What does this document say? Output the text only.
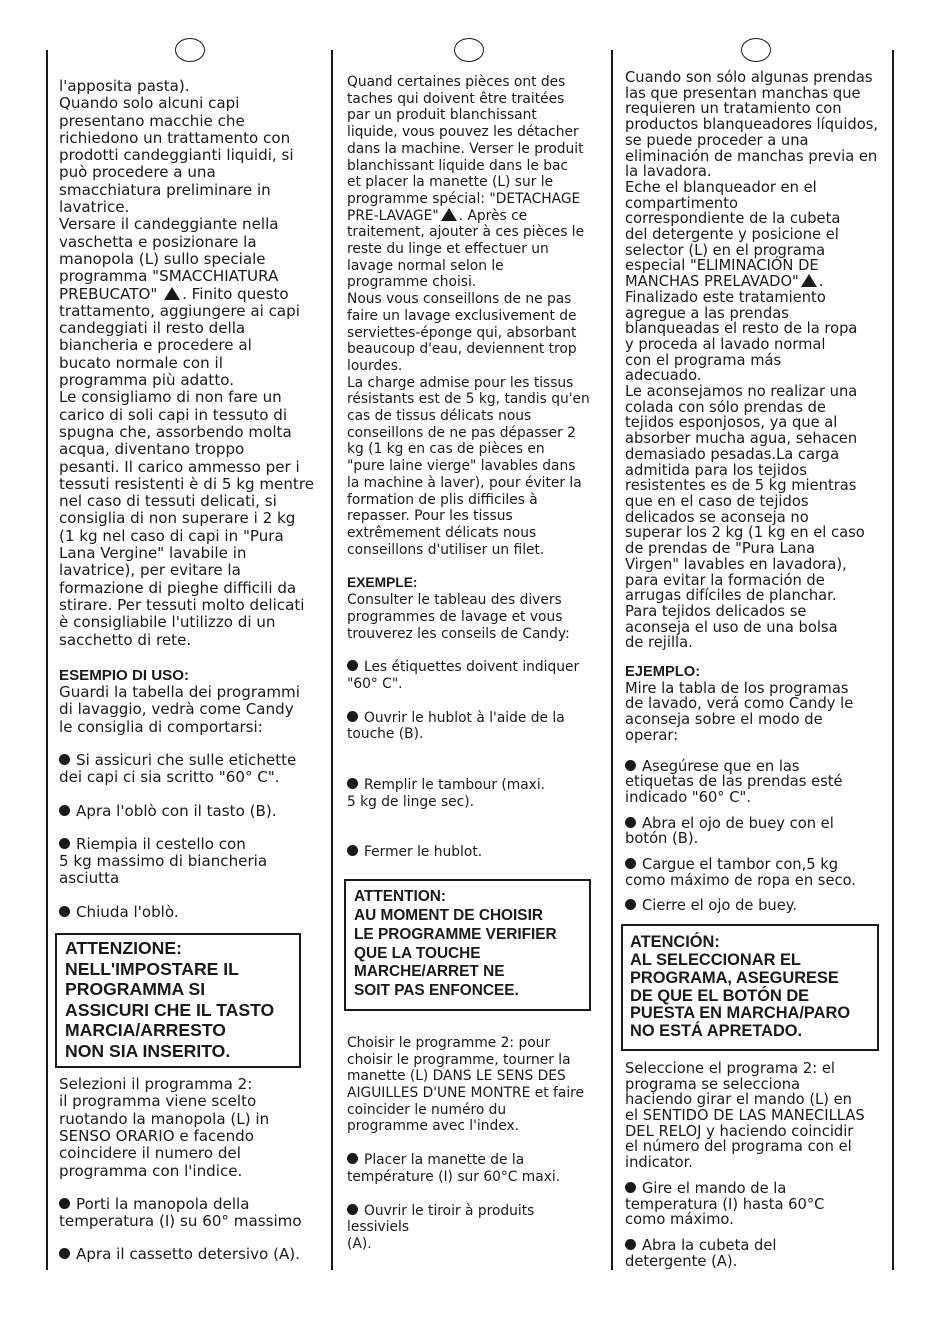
l'apposita pasta).
Quando solo alcuni capi
presentano macchie che
richiedono un trattamento con
prodotti candeggianti liquidi, si
può procedere a una
smacchiatura preliminare in
lavatrice.
Versare il candeggiante nella
vaschetta e posizionare la
manopola (L) sullo speciale
programma "SMACCHIATURA
PREBUCATO" . Finito questo
trattamento, aggiungere ai capi
candeggiati il resto della
biancheria e procedere al
bucato normale con il
programma più adatto.
Le consigliamo di non fare un
carico di soli capi in tessuto di
spugna che, assorbendo molta
acqua, diventano troppo
pesanti. Il carico ammesso per i
tessuti resistenti è di 5 kg mentre
nel caso di tessuti delicati, si
consiglia di non superare i 2 kg
(1 kg nel caso di capi in "Pura
Lana Vergine" lavabile in
lavatrice), per evitare la
formazione di pieghe difficili da
stirare. Per tessuti molto delicati
è consigliabile l'utilizzo di un
sacchetto di rete.

ESEMPIO DI USO:

Guardi la tabella dei programmi
di lavaggio, vedrà come Candy
le consiglia di comportarsi:

Si assicuri che sulle etichette
dei capi ci sia scritto "60° C".

Apra l'oblò con il tasto (B).

Riempia il cestello con
5 kg massimo di biancheria
asciutta

Chiuda l'oblò.

ATTENZIONE:
NELL'IMPOSTARE IL
PROGRAMMA SI
ASSICURI CHE IL TASTO
MARCIA/ARRESTO
NON SIA INSERITO.

Selezioni il programma 2:
il programma viene scelto
ruotando la manopola (L) in
SENSO ORARIO e facendo
coincidere il numero del
programma con l'indice.

Porti la manopola della
temperatura (I) su 60° massimo

Apra il cassetto detersivo (A).

Quand certaines pièces ont des
taches qui doivent être traitées
par un produit blanchissant
liquide, vous pouvez les détacher
dans la machine. Verser le produit
blanchissant liquide dans le bac
et placer la manette (L) sur le
programme spécial: "DETACHAGE
PRE-LAVAGE" . Après ce
traitement, ajouter à ces pièces le
reste du linge et effectuer un
lavage normal selon le
programme choisi.
Nous vous conseillons de ne pas
faire un lavage exclusivement de
serviettes-éponge qui, absorbant
beaucoup d'eau, deviennent trop
lourdes.
La charge admise pour les tissus
résistants est de 5 kg, tandis qu'en
cas de tissus délicats nous
conseillons de ne pas dépasser 2
kg (1 kg en cas de pièces en
"pure laine vierge" lavables dans
la machine à laver), pour éviter la
formation de plis difficiles à
repasser. Pour les tissus
extrêmement délicats nous
conseillons d'utiliser un filet.

EXEMPLE:

Consulter le tableau des divers
programmes de lavage et vous
trouverez les conseils de Candy:

Les étiquettes doivent indiquer
"60° C".

Ouvrir le hublot à l'aide de la
touche (B).

Remplir le tambour (maxi.
5 kg de linge sec).

Fermer le hublot.

ATTENTION:
AU MOMENT DE CHOISIR
LE PROGRAMME VERIFIER
QUE LA TOUCHE
MARCHE/ARRET NE
SOIT PAS ENFONCEE.

Choisir le programme 2: pour
choisir le programme, tourner la
manette (L) DANS LE SENS DES
AIGUILLES D'UNE MONTRE et faire
coincider le numéro du
programme avec l'index.

Placer la manette de la
température (I) sur 60°C maxi.

Ouvrir le tiroir à produits lessiviels
(A).

Cuando son sólo algunas prendas
las que presentan manchas que
requieren un tratamiento con
productos blanqueadores líquidos,
se puede proceder a una
eliminación de manchas previa en
la lavadora.
Eche el blanqueador en el
compartimento
correspondiente de la cubeta
del detergente y posicione el
selector (L) en el programa
especial "ELIMINACIÓN DE
MANCHAS PRELAVADO" .
Finalizado este tratamiento
agregue a las prendas
blanqueadas el resto de la ropa
y proceda al lavado normal
con el programa más
adecuado.
Le aconsejamos no realizar una
colada con sólo prendas de
tejidos esponjosos, ya que al
absorber mucha agua, sehacen
demasiado pesadas.La carga
admitida para los tejidos
resistentes es de 5 kg mientras
que en el caso de tejidos
delicados se aconseja no
superar los 2 kg (1 kg en el caso
de prendas de "Pura Lana
Virgen" lavables en lavadora),
para evitar la formación de
arrugas difíciles de planchar.
Para tejidos delicados se
aconseja el uso de una bolsa
de rejilla.

EJEMPLO:

Mire la tabla de los programas
de lavado, verá como Candy le
aconseja sobre el modo de
operar:

Asegúrese que en las
etiquetas de las prendas esté
indicado "60° C".

Abra el ojo de buey con el
botón (B).

Cargue el tambor con,5 kg
como máximo de ropa en seco.

Cierre el ojo de buey.

ATENCIÓN:
AL SELECCIONAR EL
PROGRAMA, ASEGURESE
DE QUE EL BOTÓN DE
PUESTA EN MARCHA/PARO
NO ESTÁ APRETADO.

Seleccione el programa 2: el
programa se selecciona
haciendo girar el mando (L) en
el SENTIDO DE LAS MANECILLAS
DEL RELOJ y haciendo coincidir
el número del programa con el
indicator.

Gire el mando de la
temperatura (I) hasta 60°C
como máximo.

Abra la cubeta del
detergente (A).
